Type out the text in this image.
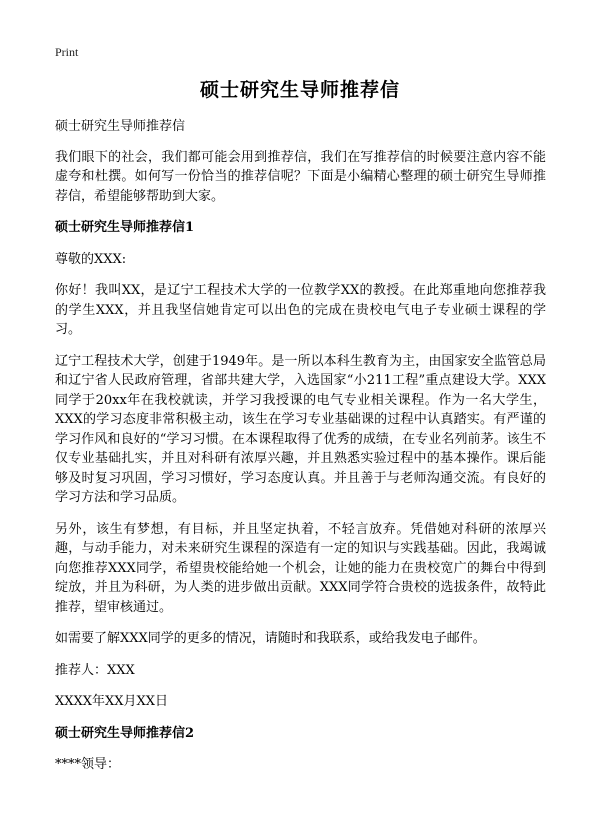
Print
硕士研究生导师推荐信

硕士研究生导师推荐信

我们眼下的社会，我们都可能会用到推荐信，我们在写推荐信的时候要注意内容不能虚夸和杜撰。如何写一份恰当的推荐信呢？下面是小编精心整理的硕士研究生导师推荐信，希望能够帮助到大家。

硕士研究生导师推荐信1

尊敬的XXX:

你好！我叫XX，是辽宁工程技术大学的一位教学XX的教授。在此郑重地向您推荐我的学生XXX，并且我坚信她肯定可以出色的完成在贵校电气电子专业硕士课程的学习。

辽宁工程技术大学，创建于1949年。是一所以本科生教育为主，由国家安全监管总局和辽宁省人民政府管理，省部共建大学，入选国家“小211工程”重点建设大学。XXX同学于20xx年在我校就读，并学习我授课的电气专业相关课程。作为一名大学生，XXX的学习态度非常积极主动，该生在学习专业基础课的过程中认真踏实。有严谨的学习作风和良好的“学习习惯。在本课程取得了优秀的成绩，在专业名列前茅。该生不仅专业基础扎实，并且对科研有浓厚兴趣，并且熟悉实验过程中的基本操作。课后能够及时复习巩固，学习习惯好，学习态度认真。并且善于与老师沟通交流。有良好的学习方法和学习品质。

另外，该生有梦想，有目标，并且坚定执着，不轻言放弃。凭借她对科研的浓厚兴趣，与动手能力，对未来研究生课程的深造有一定的知识与实践基础。因此，我竭诚向您推荐XXX同学，希望贵校能给她一个机会，让她的能力在贵校宽广的舞台中得到绽放，并且为科研，为人类的进步做出贡献。XXX同学符合贵校的选拔条件，故特此推荐，望审核通过。

如需要了解XXX同学的更多的情况，请随时和我联系，或给我发电子邮件。

推荐人：XXX

XXXX年XX月XX日

硕士研究生导师推荐信2

****领导：
